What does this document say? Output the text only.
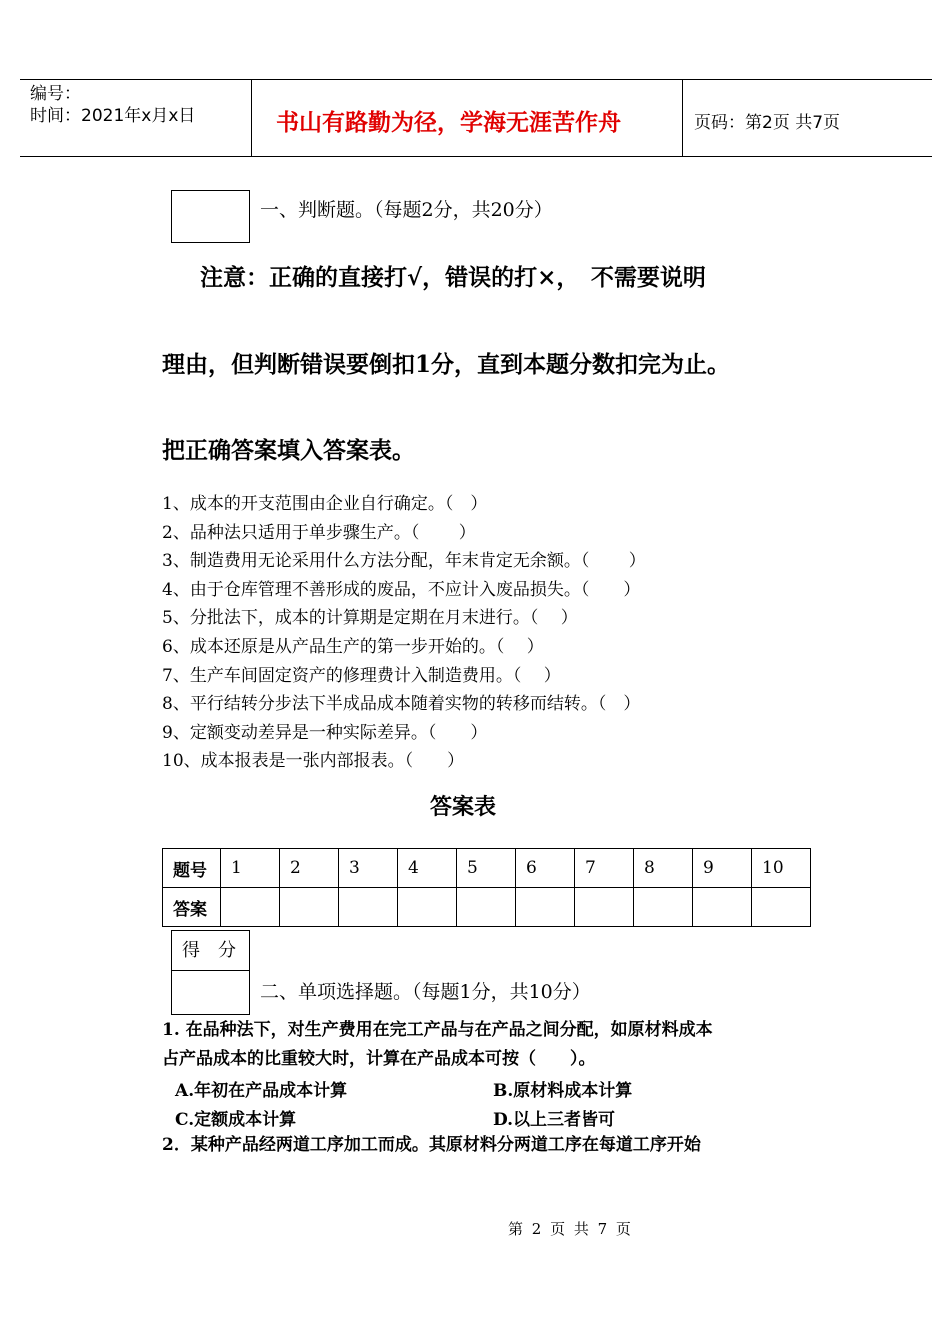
编号：
时间：2021年x月x日	书山有路勤为径，学海无涯苦作舟	页码：第2页 共7页
一、判断题。（每题2分，共20分）
注意：正确的直接打√，错误的打×，　不需要说明
理由，但判断错误要倒扣1分，直到本题分数扣完为止。
把正确答案填入答案表。
1、成本的开支范围由企业自行确定。（　）
2、品种法只适用于单步骤生产。（　　 ）
3、制造费用无论采用什么方法分配，年末肯定无余额。（　　 ）
4、由于仓库管理不善形成的废品，不应计入废品损失。（　　）
5、分批法下，成本的计算期是定期在月末进行。（　 ）
6、成本还原是从产品生产的第一步开始的。（　 ）
7、生产车间固定资产的修理费计入制造费用。（　 ）
8、平行结转分步法下半成品成本随着实物的转移而结转。（　）
9、定额变动差异是一种实际差异。（　　）
10、成本报表是一张内部报表。（　　）
答案表
题号	1	2	3	4	5	6	7	8	9	10
答案										
得　分
二、单项选择题。（每题1分，共10分）
1. 在品种法下，对生产费用在完工产品与在产品之间分配，如原材料成本
占产品成本的比重较大时，计算在产品成本可按（　　）。
A.年初在产品成本计算	B.原材料成本计算
C.定额成本计算	D.以上三者皆可
2．某种产品经两道工序加工而成。其原材料分两道工序在每道工序开始
第 2 页 共 7 页
